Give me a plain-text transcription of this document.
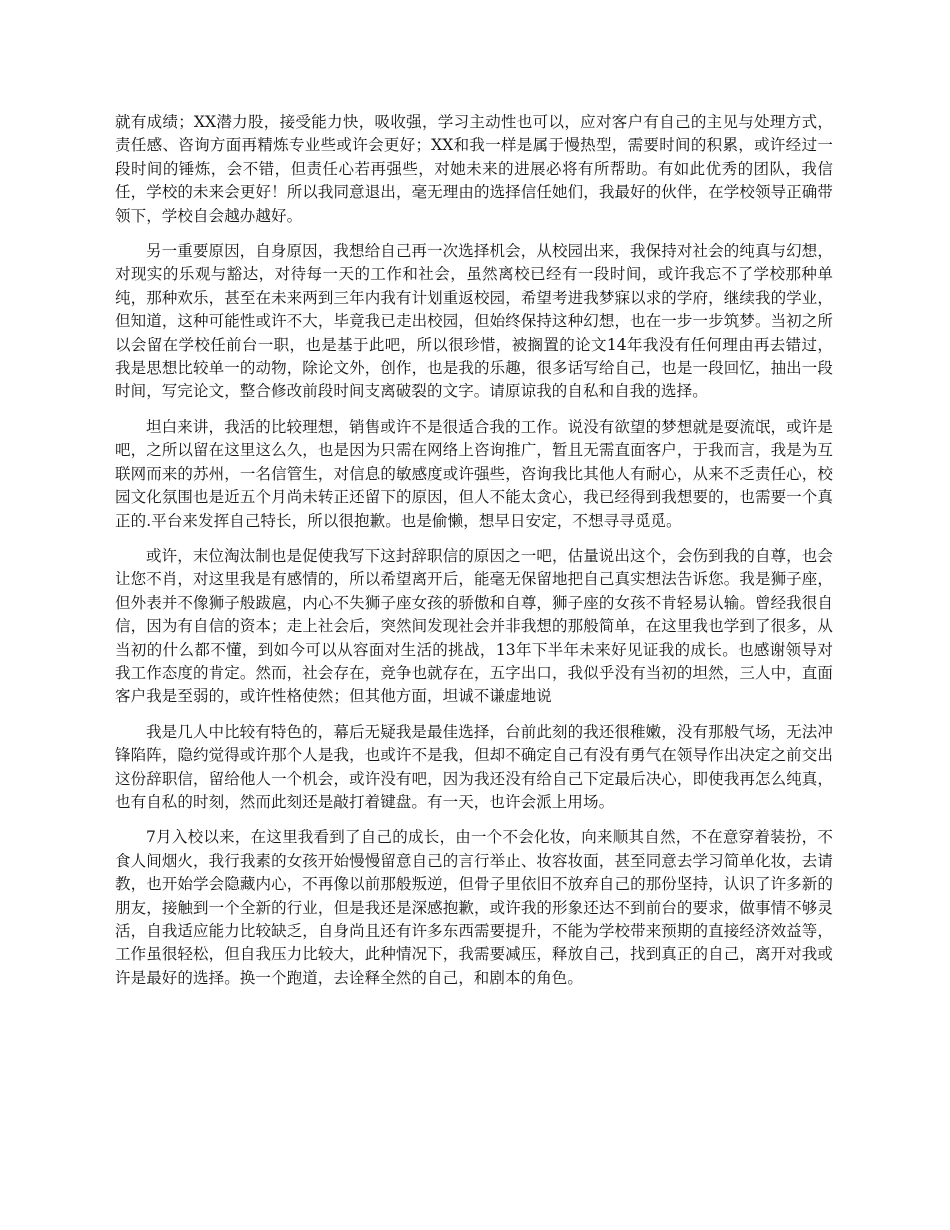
就有成绩；XX潜力股，接受能力快，吸收强，学习主动性也可以，应对客户有自己的主见与处理方式，责任感、咨询方面再精炼专业些或许会更好；XX和我一样是属于慢热型，需要时间的积累，或许经过一段时间的锤炼，会不错，但责任心若再强些，对她未来的进展必将有所帮助。有如此优秀的团队，我信任，学校的未来会更好！所以我同意退出，毫无理由的选择信任她们，我最好的伙伴，在学校领导正确带领下，学校自会越办越好。

另一重要原因，自身原因，我想给自己再一次选择机会，从校园出来，我保持对社会的纯真与幻想，对现实的乐观与豁达，对待每一天的工作和社会，虽然离校已经有一段时间，或许我忘不了学校那种单纯，那种欢乐，甚至在未来两到三年内我有计划重返校园，希望考进我梦寐以求的学府，继续我的学业，但知道，这种可能性或许不大，毕竟我已走出校园，但始终保持这种幻想，也在一步一步筑梦。当初之所以会留在学校任前台一职，也是基于此吧，所以很珍惜，被搁置的论文14年我没有任何理由再去错过，我是思想比较单一的动物，除论文外，创作，也是我的乐趣，很多话写给自己，也是一段回忆，抽出一段时间，写完论文，整合修改前段时间支离破裂的文字。请原谅我的自私和自我的选择。

坦白来讲，我活的比较理想，销售或许不是很适合我的工作。说没有欲望的梦想就是耍流氓，或许是吧，之所以留在这里这么久，也是因为只需在网络上咨询推广，暂且无需直面客户，于我而言，我是为互联网而来的苏州，一名信管生，对信息的敏感度或许强些，咨询我比其他人有耐心，从来不乏责任心，校园文化氛围也是近五个月尚未转正还留下的原因，但人不能太贪心，我已经得到我想要的，也需要一个真正的.平台来发挥自己特长，所以很抱歉。也是偷懒，想早日安定，不想寻寻觅觅。

或许，末位淘汰制也是促使我写下这封辞职信的原因之一吧，估量说出这个，会伤到我的自尊，也会让您不肖，对这里我是有感情的，所以希望离开后，能毫无保留地把自己真实想法告诉您。我是狮子座，但外表并不像狮子般跋扈，内心不失狮子座女孩的骄傲和自尊，狮子座的女孩不肯轻易认输。曾经我很自信，因为有自信的资本；走上社会后，突然间发现社会并非我想的那般简单，在这里我也学到了很多，从当初的什么都不懂，到如今可以从容面对生活的挑战，13年下半年未来好见证我的成长。也感谢领导对我工作态度的肯定。然而，社会存在，竞争也就存在，五字出口，我似乎没有当初的坦然，三人中，直面客户我是至弱的，或许性格使然；但其他方面，坦诚不谦虚地说

我是几人中比较有特色的，幕后无疑我是最佳选择，台前此刻的我还很稚嫩，没有那般气场，无法冲锋陷阵，隐约觉得或许那个人是我，也或许不是我，但却不确定自己有没有勇气在领导作出决定之前交出这份辞职信，留给他人一个机会，或许没有吧，因为我还没有给自己下定最后决心，即使我再怎么纯真，也有自私的时刻，然而此刻还是敲打着键盘。有一天，也许会派上用场。

7月入校以来，在这里我看到了自己的成长，由一个不会化妆，向来顺其自然，不在意穿着装扮，不食人间烟火，我行我素的女孩开始慢慢留意自己的言行举止、妆容妆面，甚至同意去学习简单化妆，去请教，也开始学会隐藏内心，不再像以前那般叛逆，但骨子里依旧不放弃自己的那份坚持，认识了许多新的朋友，接触到一个全新的行业，但是我还是深感抱歉，或许我的形象还达不到前台的要求，做事情不够灵活，自我适应能力比较缺乏，自身尚且还有许多东西需要提升，不能为学校带来预期的直接经济效益等，工作虽很轻松，但自我压力比较大，此种情况下，我需要减压，释放自己，找到真正的自己，离开对我或许是最好的选择。换一个跑道，去诠释全然的自己，和剧本的角色。
